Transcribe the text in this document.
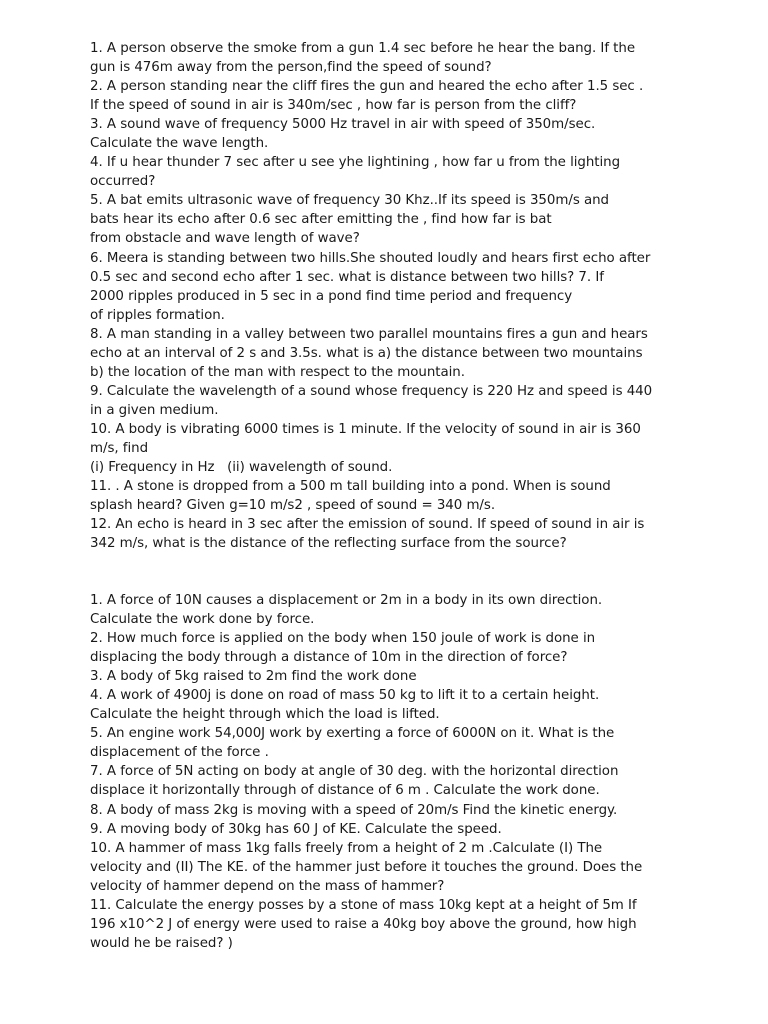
1. A person observe the smoke from a gun 1.4 sec before he hear the bang. If the
gun is 476m away from the person,find the speed of sound?
2. A person standing near the cliff fires the gun and heared the echo after 1.5 sec .
If the speed of sound in air is 340m/sec , how far is person from the cliff?
3. A sound wave of frequency 5000 Hz travel in air with speed of 350m/sec.
Calculate the wave length.
4. If u hear thunder 7 sec after u see yhe lightining , how far u from the lighting
occurred?
5. A bat emits ultrasonic wave of frequency 30 Khz..If its speed is 350m/s and
bats hear its echo after 0.6 sec after emitting the , find how far is bat
from obstacle and wave length of wave?
6. Meera is standing between two hills.She shouted loudly and hears first echo after
0.5 sec and second echo after 1 sec. what is distance between two hills? 7. If
2000 ripples produced in 5 sec in a pond find time period and frequency
of ripples formation.
8. A man standing in a valley between two parallel mountains fires a gun and hears
echo at an interval of 2 s and 3.5s. what is a) the distance between two mountains
b) the location of the man with respect to the mountain.
9. Calculate the wavelength of a sound whose frequency is 220 Hz and speed is 440
in a given medium.
10. A body is vibrating 6000 times is 1 minute. If the velocity of sound in air is 360
m/s, find
(i) Frequency in Hz   (ii) wavelength of sound.
11. . A stone is dropped from a 500 m tall building into a pond. When is sound
splash heard? Given g=10 m/s2 , speed of sound = 340 m/s.
12. An echo is heard in 3 sec after the emission of sound. If speed of sound in air is
342 m/s, what is the distance of the reflecting surface from the source?
1. A force of 10N causes a displacement or 2m in a body in its own direction.
Calculate the work done by force.
2. How much force is applied on the body when 150 joule of work is done in
displacing the body through a distance of 10m in the direction of force?
3. A body of 5kg raised to 2m find the work done
4. A work of 4900j is done on road of mass 50 kg to lift it to a certain height.
Calculate the height through which the load is lifted.
5. An engine work 54,000J work by exerting a force of 6000N on it. What is the
displacement of the force .
7. A force of 5N acting on body at angle of 30 deg. with the horizontal direction
displace it horizontally through of distance of 6 m . Calculate the work done.
8. A body of mass 2kg is moving with a speed of 20m/s Find the kinetic energy.
9. A moving body of 30kg has 60 J of KE. Calculate the speed.
10. A hammer of mass 1kg falls freely from a height of 2 m .Calculate (I) The
velocity and (II) The KE. of the hammer just before it touches the ground. Does the
velocity of hammer depend on the mass of hammer?
11. Calculate the energy posses by a stone of mass 10kg kept at a height of 5m If
196 x10^2 J of energy were used to raise a 40kg boy above the ground, how high
would he be raised? )
